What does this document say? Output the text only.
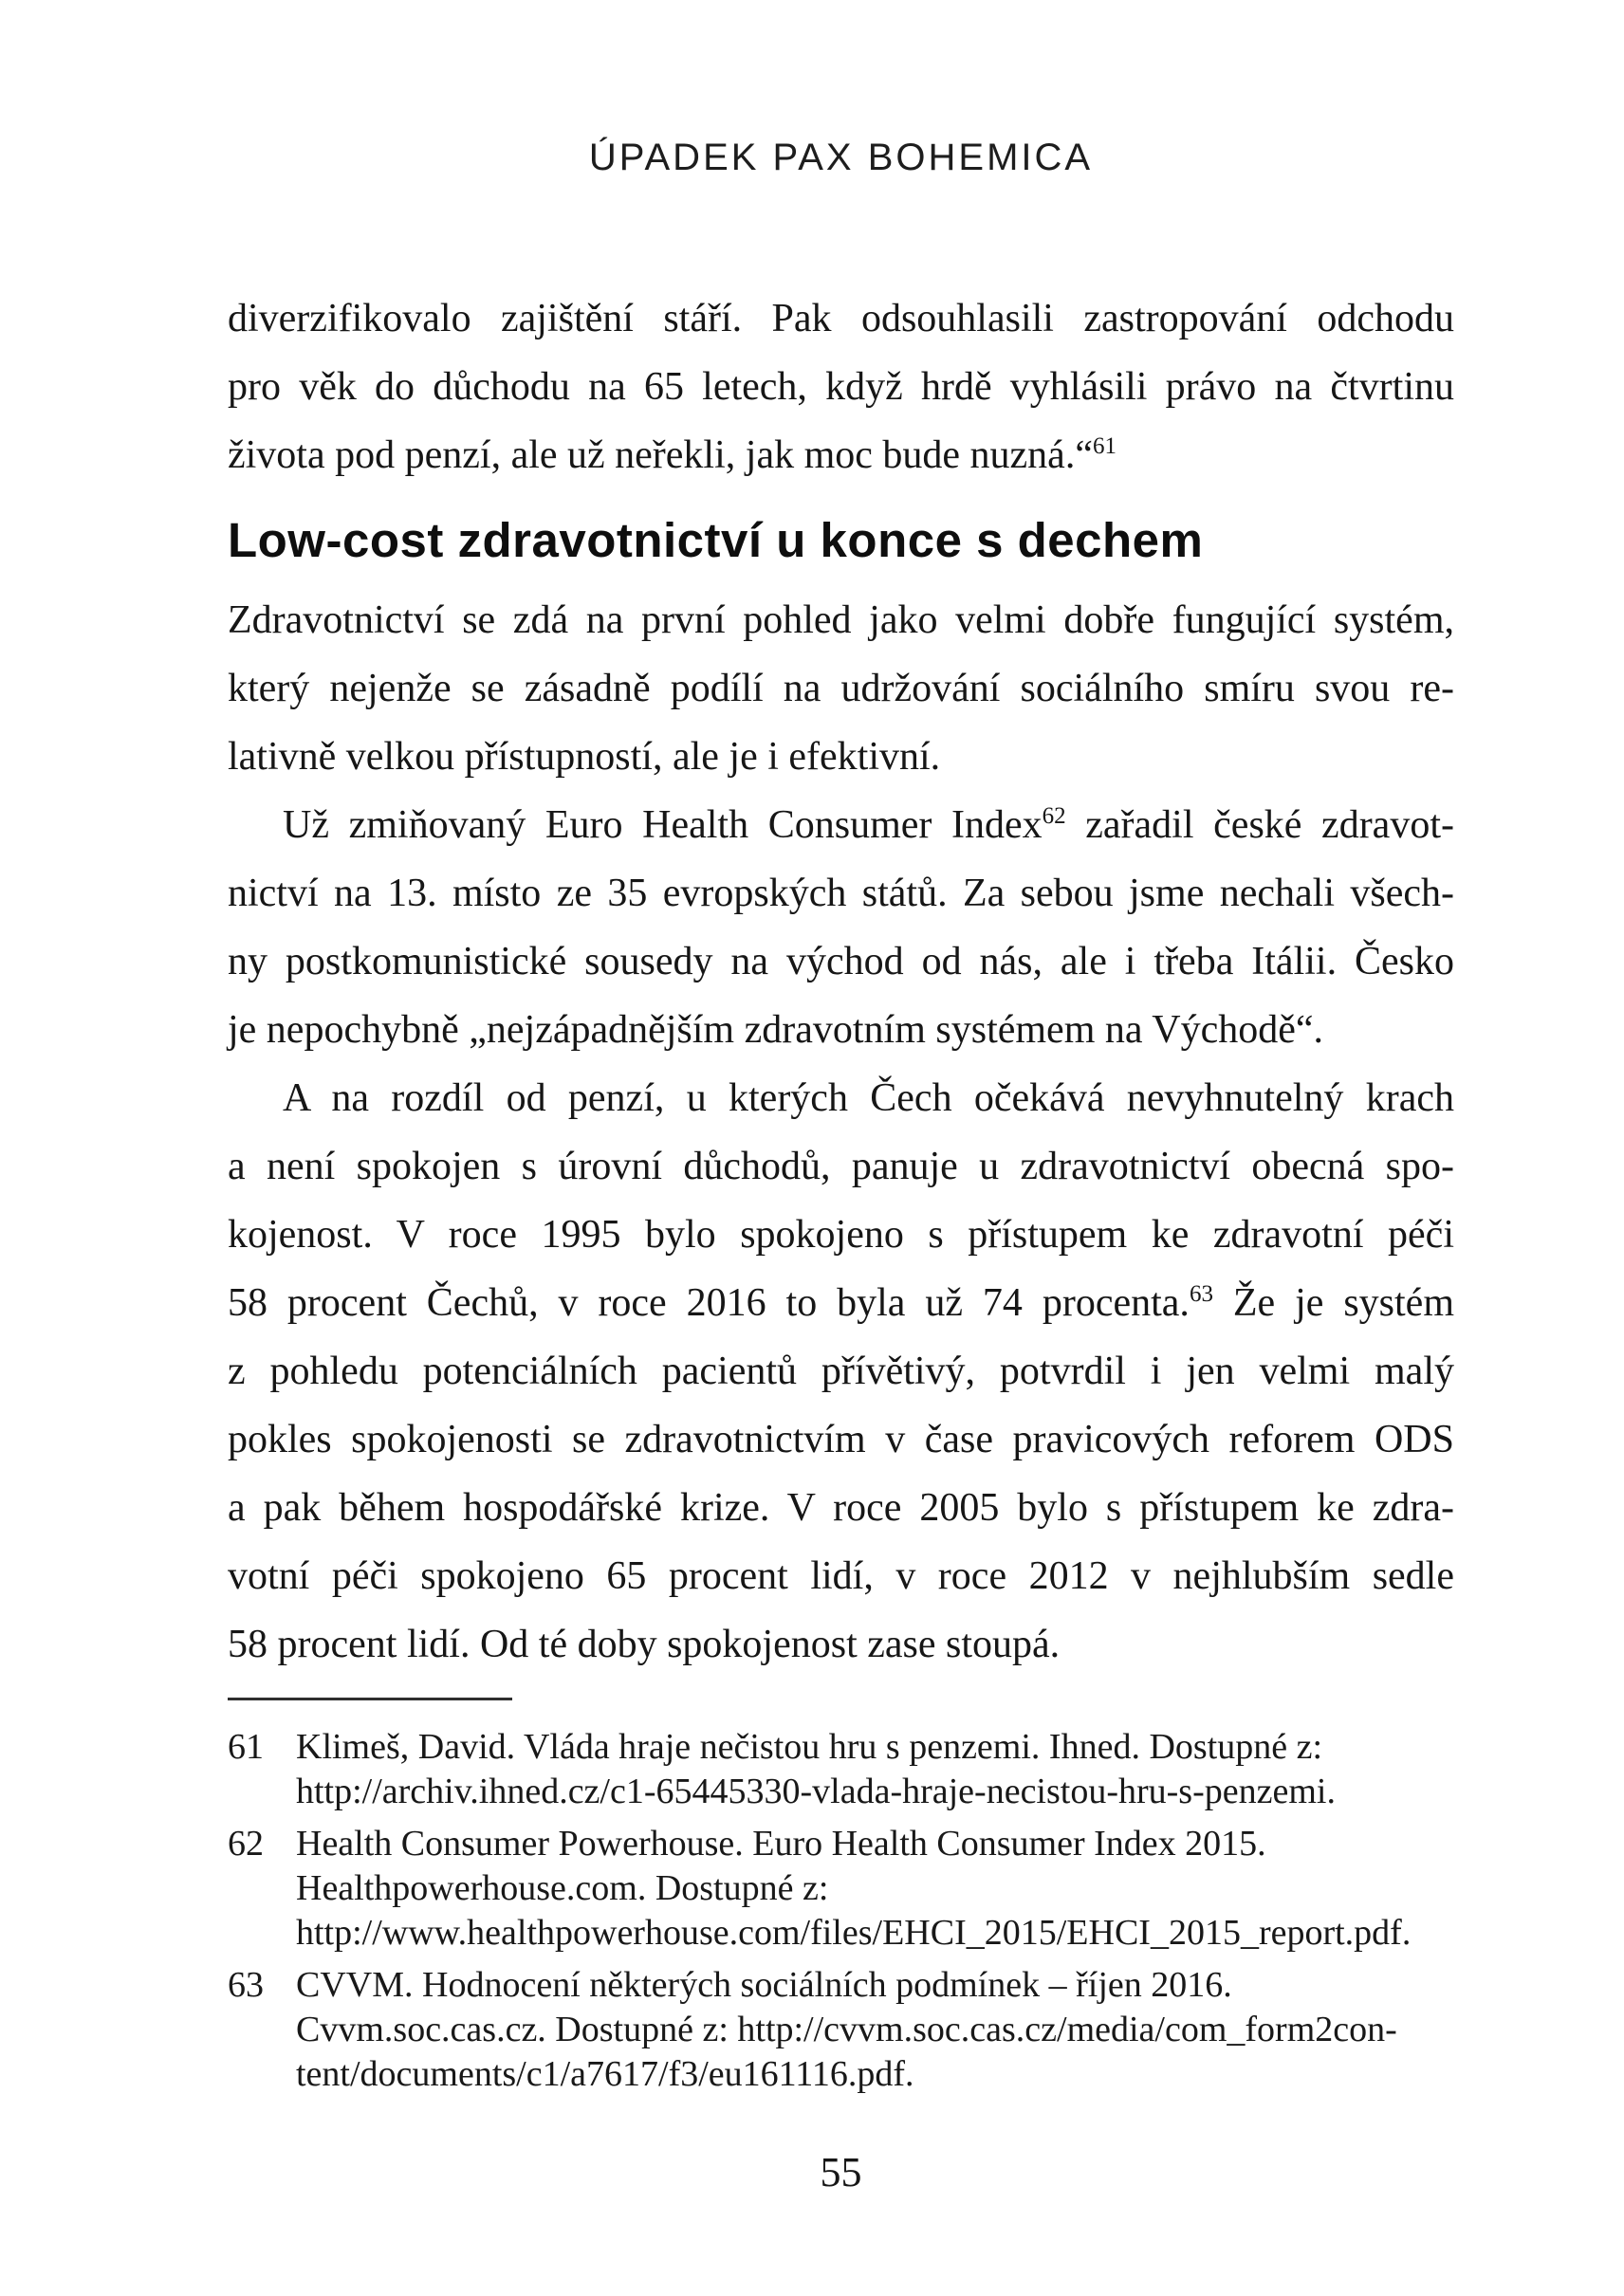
ÚPADEK PAX BOHEMICA
diverzifikovalo zajištění stáří. Pak odsouhlasili zastropování odchodu
pro věk do důchodu na 65 letech, když hrdě vyhlásili právo na čtvrtinu
života pod penzí, ale už neřekli, jak moc bude nuzná.“$^{61}$
Low-cost zdravotnictví u konce s dechem
Zdravotnictví se zdá na první pohled jako velmi dobře fungující systém,
který nejenže se zásadně podílí na udržování sociálního smíru svou re-
lativně velkou přístupností, ale je i efektivní.
Už zmiňovaný Euro Health Consumer Index$^{62}$ zařadil české zdravot-
nictví na 13. místo ze 35 evropských států. Za sebou jsme nechali všech-
ny postkomunistické sousedy na východ od nás, ale i třeba Itálii. Česko
je nepochybně „nejzápadnějším zdravotním systémem na Východě“.
A na rozdíl od penzí, u kterých Čech očekává nevyhnutelný krach
a není spokojen s úrovní důchodů, panuje u zdravotnictví obecná spo-
kojenost. V roce 1995 bylo spokojeno s přístupem ke zdravotní péči
58 procent Čechů, v roce 2016 to byla už 74 procenta.$^{63}$ Že je systém
z pohledu potenciálních pacientů přívětivý, potvrdil i jen velmi malý
pokles spokojenosti se zdravotnictvím v čase pravicových reforem ODS
a pak během hospodářské krize. V roce 2005 bylo s přístupem ke zdra-
votní péči spokojeno 65 procent lidí, v roce 2012 v nejhlubším sedle
58 procent lidí. Od té doby spokojenost zase stoupá.
61 Klimeš, David. Vláda hraje nečistou hru s penzemi. Ihned. Dostupné z:
http://archiv.ihned.cz/c1-65445330-vlada-hraje-necistou-hru-s-penzemi.
62 Health Consumer Powerhouse. Euro Health Consumer Index 2015.
Healthpowerhouse.com. Dostupné z:
http://www.healthpowerhouse.com/files/EHCI_2015/EHCI_2015_report.pdf.
63 CVVM. Hodnocení některých sociálních podmínek – říjen 2016.
Cvvm.soc.cas.cz. Dostupné z: http://cvvm.soc.cas.cz/media/com_form2con-
tent/documents/c1/a7617/f3/eu161116.pdf.
55
